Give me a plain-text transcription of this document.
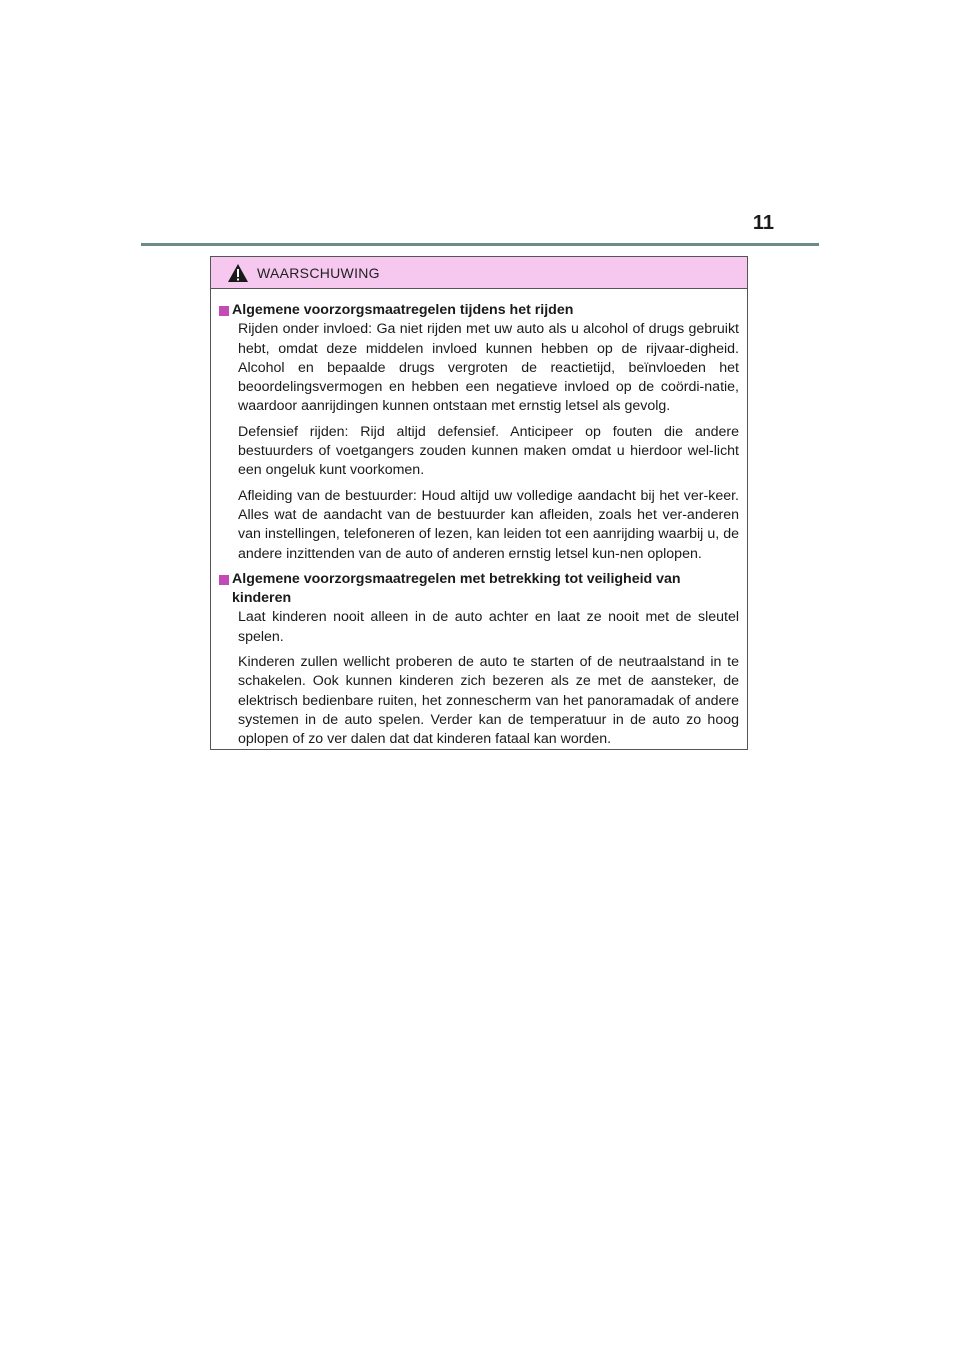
11
WAARSCHUWING
Algemene voorzorgsmaatregelen tijdens het rijden

Rijden onder invloed: Ga niet rijden met uw auto als u alcohol of drugs gebruikt hebt, omdat deze middelen invloed kunnen hebben op de rijvaar-digheid. Alcohol en bepaalde drugs vergroten de reactietijd, beïnvloeden het beoordelingsvermogen en hebben een negatieve invloed op de coördi-natie, waardoor aanrijdingen kunnen ontstaan met ernstig letsel als gevolg.

Defensief rijden: Rijd altijd defensief. Anticipeer op fouten die andere bestuurders of voetgangers zouden kunnen maken omdat u hierdoor wel-licht een ongeluk kunt voorkomen.

Afleiding van de bestuurder: Houd altijd uw volledige aandacht bij het ver-keer. Alles wat de aandacht van de bestuurder kan afleiden, zoals het ver-anderen van instellingen, telefoneren of lezen, kan leiden tot een aanrijding waarbij u, de andere inzittenden van de auto of anderen ernstig letsel kun-nen oplopen.

Algemene voorzorgsmaatregelen met betrekking tot veiligheid van kinderen

Laat kinderen nooit alleen in de auto achter en laat ze nooit met de sleutel spelen.

Kinderen zullen wellicht proberen de auto te starten of de neutraalstand in te schakelen. Ook kunnen kinderen zich bezeren als ze met de aansteker, de elektrisch bedienbare ruiten, het zonnescherm van het panoramadak of andere systemen in de auto spelen. Verder kan de temperatuur in de auto zo hoog oplopen of zo ver dalen dat dat kinderen fataal kan worden.
